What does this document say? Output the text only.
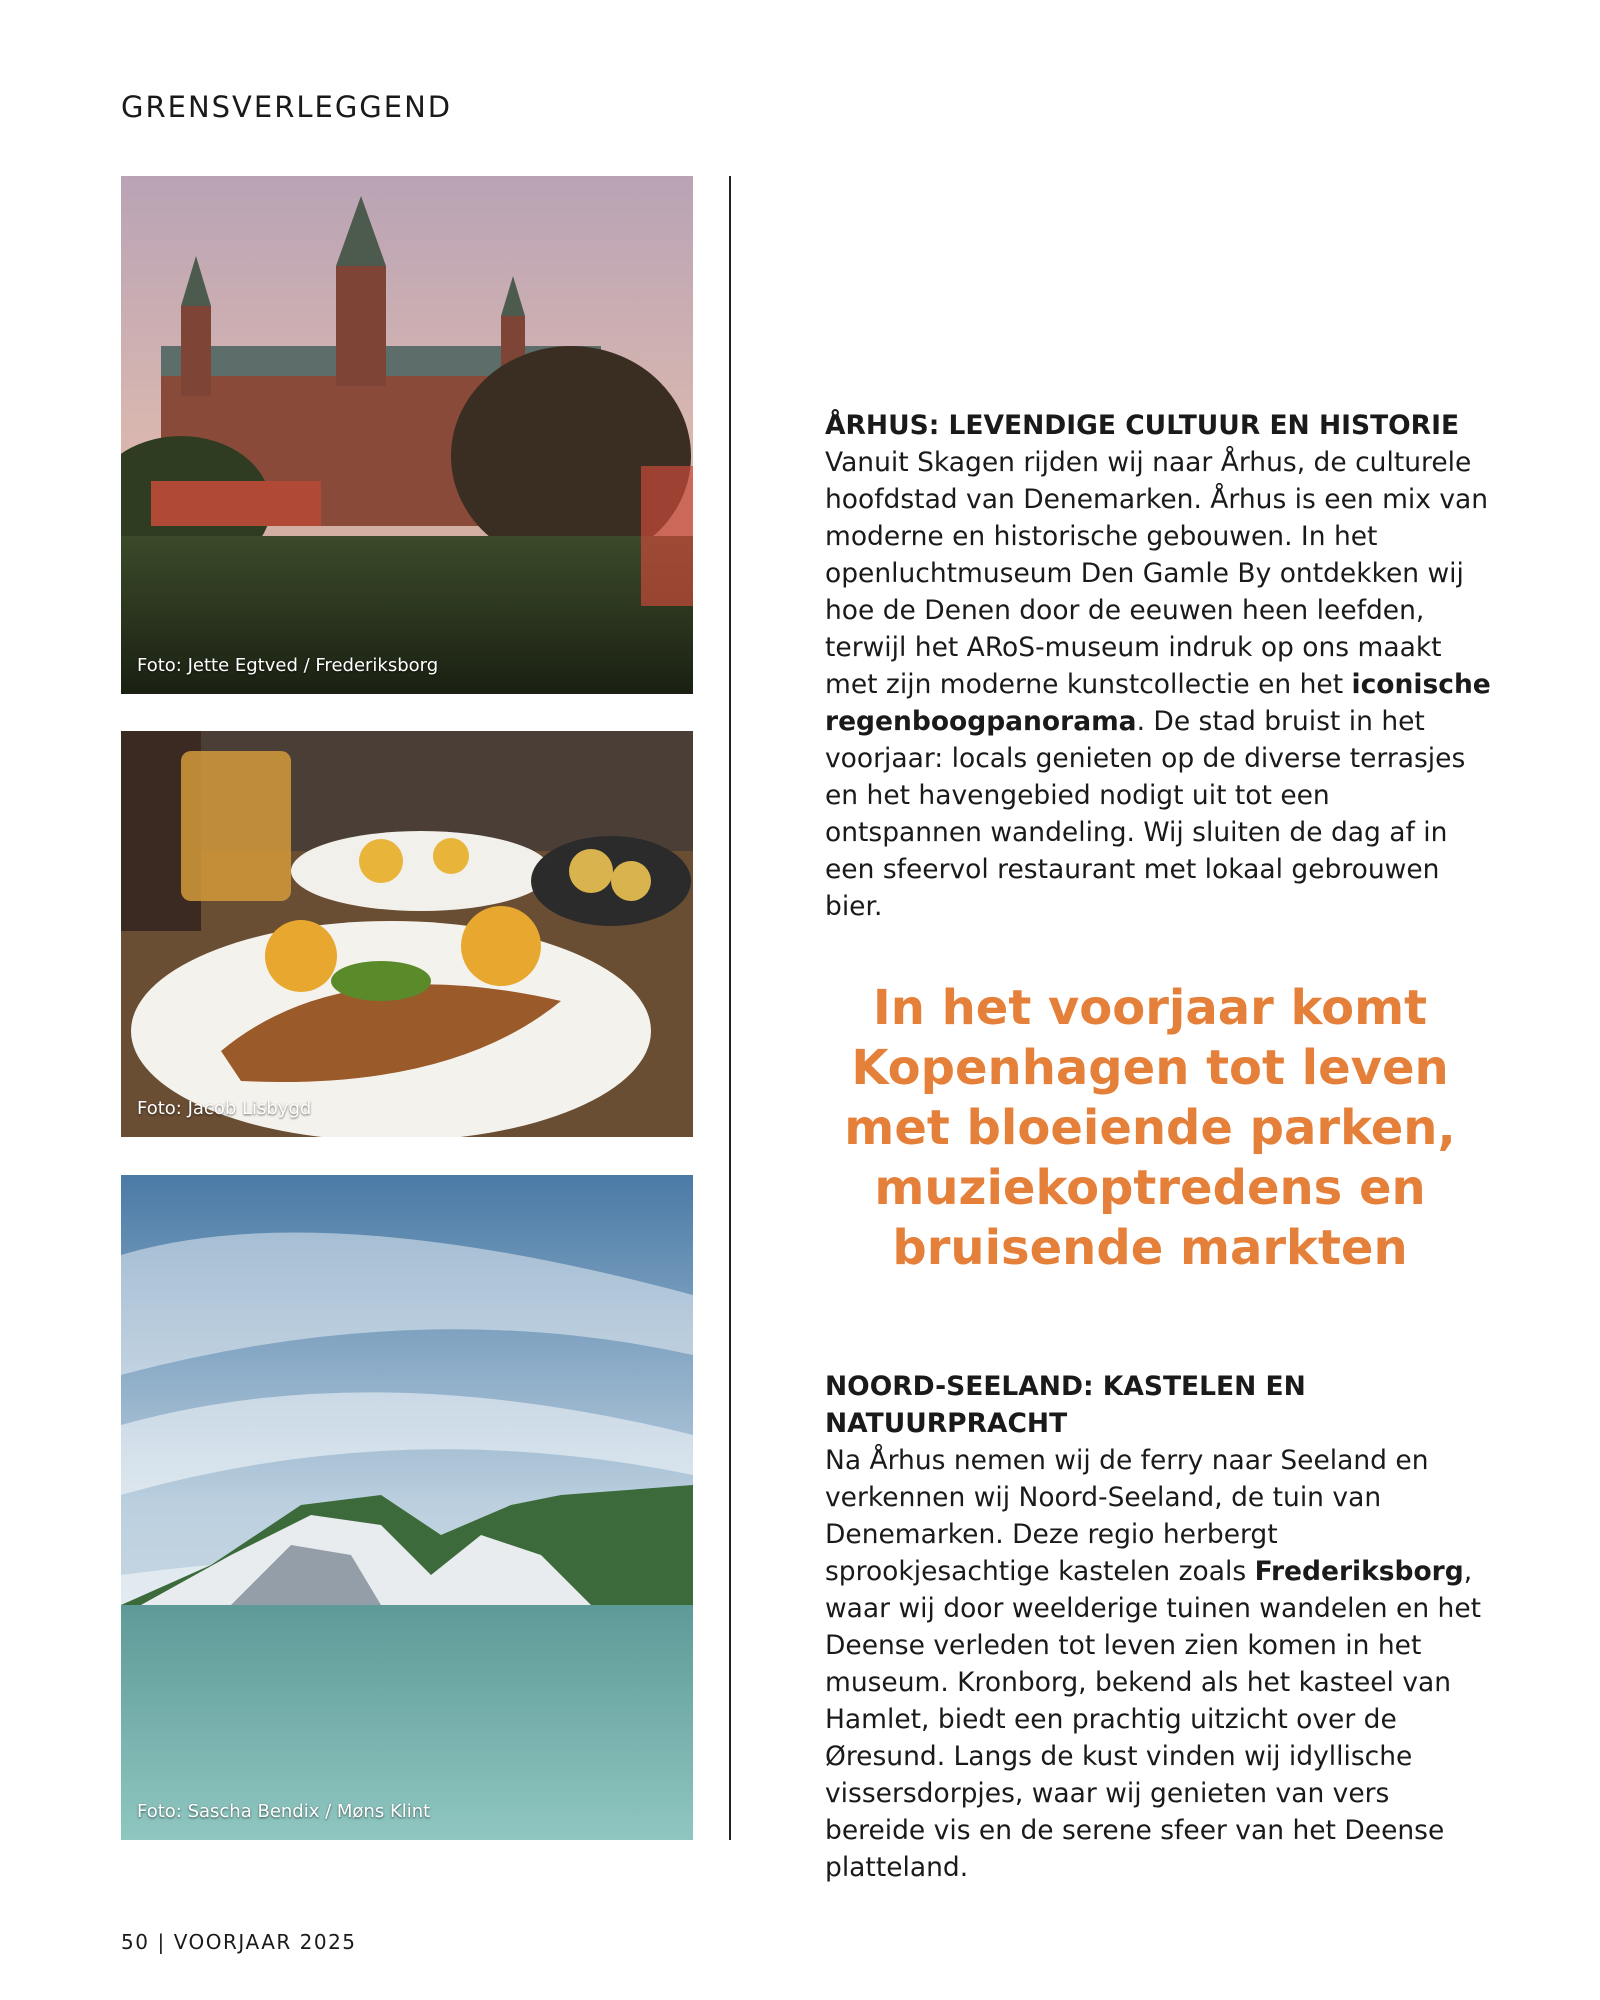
GRENSVERLEGGEND
Foto: Jette Egtved / Frederiksborg
Foto: Jacob Lisbygd
Foto: Sascha Bendix / Møns Klint
ÅRHUS: LEVENDIGE CULTUUR EN HISTORIE

Vanuit Skagen rijden wij naar Århus, de culturele hoofdstad van Denemarken. Århus is een mix van moderne en historische gebouwen. In het openluchtmuseum Den Gamle By ontdekken wij hoe de Denen door de eeuwen heen leefden, terwijl het ARoS-museum indruk op ons maakt met zijn moderne kunstcollectie en het iconische regenboogpanorama. De stad bruist in het voorjaar: locals genieten op de diverse terrasjes en het havengebied nodigt uit tot een ontspannen wandeling. Wij sluiten de dag af in een sfeervol restaurant met lokaal gebrouwen bier.

In het voorjaar komt Kopenhagen tot leven met bloeiende parken, muziekoptredens en bruisende markten
NOORD-SEELAND: KASTELEN EN NATUURPRACHT

Na Århus nemen wij de ferry naar Seeland en verkennen wij Noord-Seeland, de tuin van Denemarken. Deze regio herbergt sprookjesachtige kastelen zoals Frederiksborg, waar wij door weelderige tuinen wandelen en het Deense verleden tot leven zien komen in het museum. Kronborg, bekend als het kasteel van Hamlet, biedt een prachtig uitzicht over de Øresund. Langs de kust vinden wij idyllische vissersdorpjes, waar wij genieten van vers bereide vis en de serene sfeer van het Deense platteland.

50 | VOORJAAR 2025
